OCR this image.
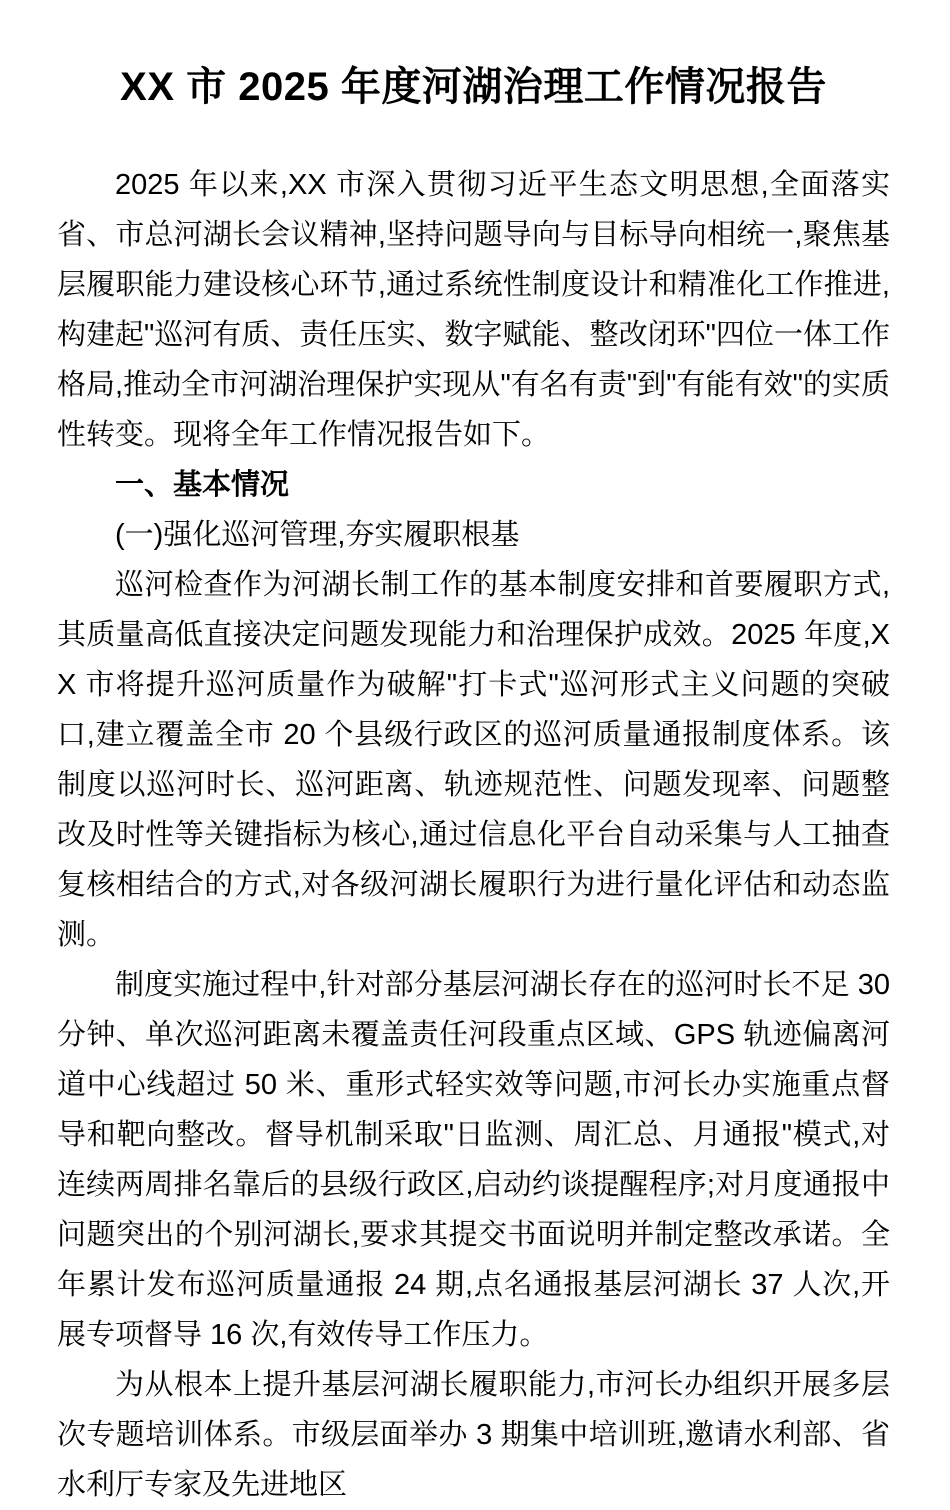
XX 市 2025 年度河湖治理工作情况报告

2025 年以来,XX 市深入贯彻习近平生态文明思想,全面落实省、市总河湖长会议精神,坚持问题导向与目标导向相统一,聚焦基层履职能力建设核心环节,通过系统性制度设计和精准化工作推进,构建起"巡河有质、责任压实、数字赋能、整改闭环"四位一体工作格局,推动全市河湖治理保护实现从"有名有责"到"有能有效"的实质性转变。现将全年工作情况报告如下。

一、基本情况

(一)强化巡河管理,夯实履职根基

巡河检查作为河湖长制工作的基本制度安排和首要履职方式,其质量高低直接决定问题发现能力和治理保护成效。2025 年度,XX 市将提升巡河质量作为破解"打卡式"巡河形式主义问题的突破口,建立覆盖全市 20 个县级行政区的巡河质量通报制度体系。该制度以巡河时长、巡河距离、轨迹规范性、问题发现率、问题整改及时性等关键指标为核心,通过信息化平台自动采集与人工抽查复核相结合的方式,对各级河湖长履职行为进行量化评估和动态监测。

制度实施过程中,针对部分基层河湖长存在的巡河时长不足 30 分钟、单次巡河距离未覆盖责任河段重点区域、GPS 轨迹偏离河道中心线超过 50 米、重形式轻实效等问题,市河长办实施重点督导和靶向整改。督导机制采取"日监测、周汇总、月通报"模式,对连续两周排名靠后的县级行政区,启动约谈提醒程序;对月度通报中问题突出的个别河湖长,要求其提交书面说明并制定整改承诺。全年累计发布巡河质量通报 24 期,点名通报基层河湖长 37 人次,开展专项督导 16 次,有效传导工作压力。

为从根本上提升基层河湖长履职能力,市河长办组织开展多层次专题培训体系。市级层面举办 3 期集中培训班,邀请水利部、省水利厅专家及先进地区
